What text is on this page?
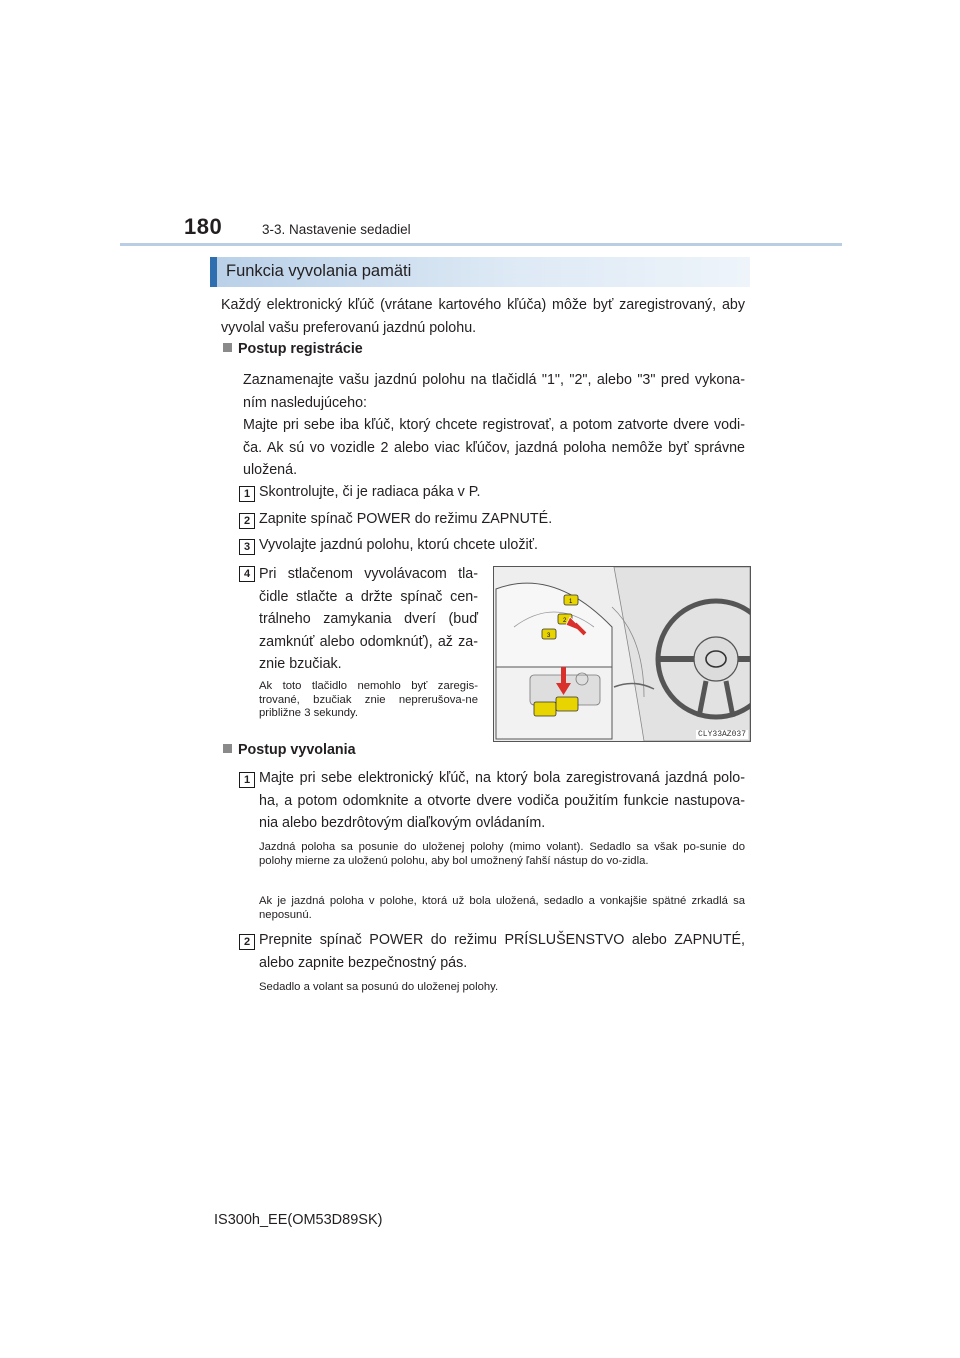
180	3-3. Nastavenie sedadiel
Funkcia vyvolania pamäti
Každý elektronický kľúč (vrátane kartového kľúča) môže byť zaregistrovaný, aby vyvolal vašu preferovanú jazdnú polohu.
Postup registrácie
Zaznamenajte vašu jazdnú polohu na tlačidlá "1", "2", alebo "3" pred vykona-ním nasledujúceho:
Majte pri sebe iba kľúč, ktorý chcete registrovať, a potom zatvorte dvere vodi-ča. Ak sú vo vozidle 2 alebo viac kľúčov, jazdná poloha nemôže byť správne uložená.
1 Skontrolujte, či je radiaca páka v P.
2 Zapnite spínač POWER do režimu ZAPNUTÉ.
3 Vyvolajte jazdnú polohu, ktorú chcete uložiť.
4 Pri stlačenom vyvolávacom tla-čidle stlačte a držte spínač cen-trálneho zamykania dverí (buď zamknúť alebo odomknúť), až za-znie bzučiak.
Ak toto tlačidlo nemohlo byť zaregis-trované, bzučiak znie neprerušova-ne približne 3 sekundy.
1
2
3
CLY33AZ037
Postup vyvolania
1 Majte pri sebe elektronický kľúč, na ktorý bola zaregistrovaná jazdná polo-ha, a potom odomknite a otvorte dvere vodiča použitím funkcie nastupova-nia alebo bezdrôtovým diaľkovým ovládaním.
Jazdná poloha sa posunie do uloženej polohy (mimo volant). Sedadlo sa však po-sunie do polohy mierne za uloženú polohu, aby bol umožnený ľahší nástup do vo-zidla.
Ak je jazdná poloha v polohe, ktorá už bola uložená, sedadlo a vonkajšie spätné zrkadlá sa neposunú.
2 Prepnite spínač POWER do režimu PRÍSLUŠENSTVO alebo ZAPNUTÉ, alebo zapnite bezpečnostný pás.
Sedadlo a volant sa posunú do uloženej polohy.
IS300h_EE(OM53D89SK)
